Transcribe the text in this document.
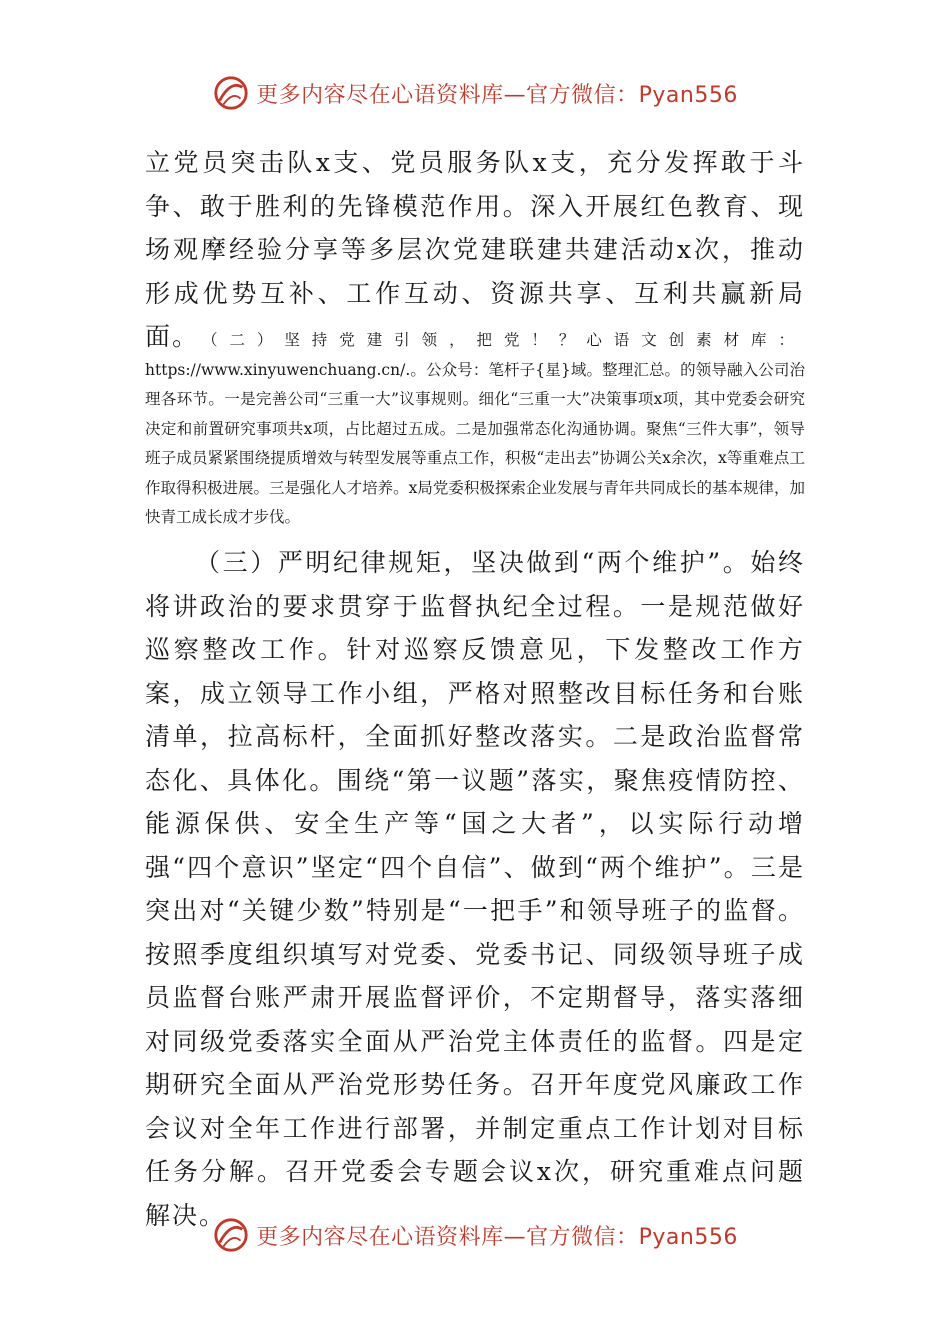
更多内容尽在心语资料库—官方微信：Pyan556
立党员突击队x支、党员服务队x支，充分发挥敢于斗争、敢于胜利的先锋模范作用。深入开展红色教育、现场观摩经验分享等多层次党建联建共建活动x次，推动形成优势互补、工作互动、资源共享、互利共赢新局面。 （二）坚持党建引领，把党！？心语文创素材库：https://www.xinyuwenchuang.cn/.。公众号：笔杆子{星}域。整理汇总。的领导融入公司治理各环节。一是完善公司“三重一大”议事规则。细化“三重一大”决策事项x项，其中党委会研究决定和前置研究事项共x项，占比超过五成。二是加强常态化沟通协调。聚焦“三件大事”，领导班子成员紧紧围绕提质增效与转型发展等重点工作，积极“走出去”协调公关x余次，x等重难点工作取得积极进展。三是强化人才培养。x局党委积极探索企业发展与青年共同成长的基本规律，加快青工成长成才步伐。
（三）严明纪律规矩，坚决做到“两个维护”。始终将讲政治的要求贯穿于监督执纪全过程。一是规范做好巡察整改工作。针对巡察反馈意见，下发整改工作方案，成立领导工作小组，严格对照整改目标任务和台账清单，拉高标杆，全面抓好整改落实。二是政治监督常态化、具体化。围绕“第一议题”落实，聚焦疫情防控、能源保供、安全生产等“国之大者”，以实际行动增强“四个意识”坚定“四个自信”、做到“两个维护”。三是突出对“关键少数”特别是“一把手”和领导班子的监督。按照季度组织填写对党委、党委书记、同级领导班子成员监督台账严肃开展监督评价，不定期督导，落实落细对同级党委落实全面从严治党主体责任的监督。四是定期研究全面从严治党形势任务。召开年度党风廉政工作会议对全年工作进行部署，并制定重点工作计划对目标任务分解。召开党委会专题会议x次，研究重难点问题解决。
更多内容尽在心语资料库—官方微信：Pyan556
